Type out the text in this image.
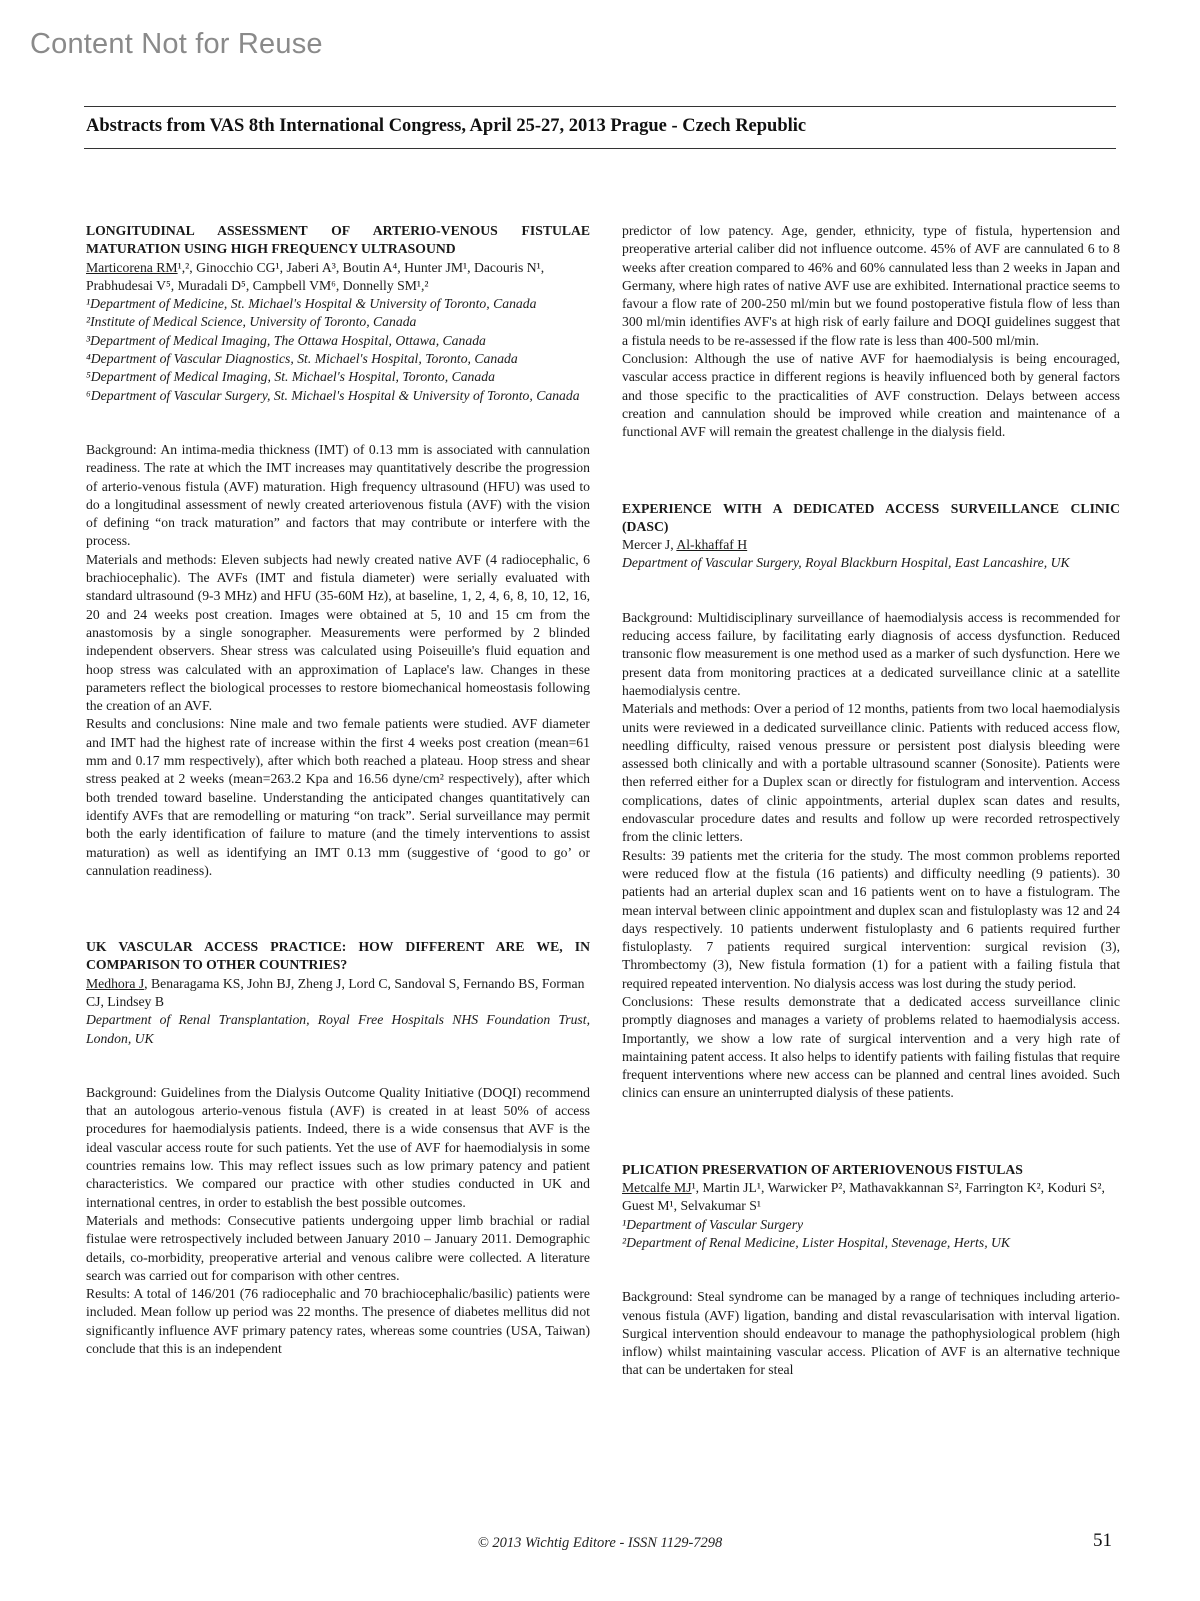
Content Not for Reuse
Abstracts from VAS 8th International Congress, April 25-27, 2013 Prague - Czech Republic

LONGITUDINAL ASSESSMENT OF ARTERIO-VENOUS FISTULAE MATURATION USING HIGH FREQUENCY ULTRASOUND

Marticorena RM¹,², Ginocchio CG¹, Jaberi A³, Boutin A⁴, Hunter JM¹, Dacouris N¹, Prabhudesai V⁵, Muradali D⁵, Campbell VM⁶, Donnelly SM¹,²

¹Department of Medicine, St. Michael's Hospital & University of Toronto, Canada

²Institute of Medical Science, University of Toronto, Canada

³Department of Medical Imaging, The Ottawa Hospital, Ottawa, Canada

⁴Department of Vascular Diagnostics, St. Michael's Hospital, Toronto, Canada

⁵Department of Medical Imaging, St. Michael's Hospital, Toronto, Canada

⁶Department of Vascular Surgery, St. Michael's Hospital & University of Toronto, Canada

Background: An intima-media thickness (IMT) of 0.13 mm is associated with cannulation readiness. The rate at which the IMT increases may quantitatively describe the progression of arterio-venous fistula (AVF) maturation. High frequency ultrasound (HFU) was used to do a longitudinal assessment of newly created arteriovenous fistula (AVF) with the vision of defining “on track maturation” and factors that may contribute or interfere with the process.

Materials and methods: Eleven subjects had newly created native AVF (4 radiocephalic, 6 brachiocephalic). The AVFs (IMT and fistula diameter) were serially evaluated with standard ultrasound (9-3 MHz) and HFU (35-60M Hz), at baseline, 1, 2, 4, 6, 8, 10, 12, 16, 20 and 24 weeks post creation. Images were obtained at 5, 10 and 15 cm from the anastomosis by a single sonographer. Measurements were performed by 2 blinded independent observers. Shear stress was calculated using Poiseuille's fluid equation and hoop stress was calculated with an approximation of Laplace's law. Changes in these parameters reflect the biological processes to restore biomechanical homeostasis following the creation of an AVF.

Results and conclusions: Nine male and two female patients were studied. AVF diameter and IMT had the highest rate of increase within the first 4 weeks post creation (mean=61 mm and 0.17 mm respectively), after which both reached a plateau. Hoop stress and shear stress peaked at 2 weeks (mean=263.2 Kpa and 16.56 dyne/cm² respectively), after which both trended toward baseline. Understanding the anticipated changes quantitatively can identify AVFs that are remodelling or maturing “on track”. Serial surveillance may permit both the early identification of failure to mature (and the timely interventions to assist maturation) as well as identifying an IMT 0.13 mm (suggestive of ‘good to go’ or cannulation readiness).

UK VASCULAR ACCESS PRACTICE: HOW DIFFERENT ARE WE, IN COMPARISON TO OTHER COUNTRIES?

Medhora J, Benaragama KS, John BJ, Zheng J, Lord C, Sandoval S, Fernando BS, Forman CJ, Lindsey B

Department of Renal Transplantation, Royal Free Hospitals NHS Foundation Trust, London, UK

Background: Guidelines from the Dialysis Outcome Quality Initiative (DOQI) recommend that an autologous arterio-venous fistula (AVF) is created in at least 50% of access procedures for haemodialysis patients. Indeed, there is a wide consensus that AVF is the ideal vascular access route for such patients. Yet the use of AVF for haemodialysis in some countries remains low. This may reflect issues such as low primary patency and patient characteristics. We compared our practice with other studies conducted in UK and international centres, in order to establish the best possible outcomes.

Materials and methods: Consecutive patients undergoing upper limb brachial or radial fistulae were retrospectively included between January 2010 – January 2011. Demographic details, co-morbidity, preoperative arterial and venous calibre were collected. A literature search was carried out for comparison with other centres.

Results: A total of 146/201 (76 radiocephalic and 70 brachiocephalic/basilic) patients were included. Mean follow up period was 22 months. The presence of diabetes mellitus did not significantly influence AVF primary patency rates, whereas some countries (USA, Taiwan) conclude that this is an independent

predictor of low patency. Age, gender, ethnicity, type of fistula, hypertension and preoperative arterial caliber did not influence outcome. 45% of AVF are cannulated 6 to 8 weeks after creation compared to 46% and 60% cannulated less than 2 weeks in Japan and Germany, where high rates of native AVF use are exhibited. International practice seems to favour a flow rate of 200-250 ml/min but we found postoperative fistula flow of less than 300 ml/min identifies AVF's at high risk of early failure and DOQI guidelines suggest that a fistula needs to be re-assessed if the flow rate is less than 400-500 ml/min.

Conclusion: Although the use of native AVF for haemodialysis is being encouraged, vascular access practice in different regions is heavily influenced both by general factors and those specific to the practicalities of AVF construction. Delays between access creation and cannulation should be improved while creation and maintenance of a functional AVF will remain the greatest challenge in the dialysis field.

EXPERIENCE WITH A DEDICATED ACCESS SURVEILLANCE CLINIC (DASC)

Mercer J, Al-khaffaf H

Department of Vascular Surgery, Royal Blackburn Hospital, East Lancashire, UK

Background: Multidisciplinary surveillance of haemodialysis access is recommended for reducing access failure, by facilitating early diagnosis of access dysfunction. Reduced transonic flow measurement is one method used as a marker of such dysfunction. Here we present data from monitoring practices at a dedicated surveillance clinic at a satellite haemodialysis centre.

Materials and methods: Over a period of 12 months, patients from two local haemodialysis units were reviewed in a dedicated surveillance clinic. Patients with reduced access flow, needling difficulty, raised venous pressure or persistent post dialysis bleeding were assessed both clinically and with a portable ultrasound scanner (Sonosite). Patients were then referred either for a Duplex scan or directly for fistulogram and intervention. Access complications, dates of clinic appointments, arterial duplex scan dates and results, endovascular procedure dates and results and follow up were recorded retrospectively from the clinic letters.

Results: 39 patients met the criteria for the study. The most common problems reported were reduced flow at the fistula (16 patients) and difficulty needling (9 patients). 30 patients had an arterial duplex scan and 16 patients went on to have a fistulogram. The mean interval between clinic appointment and duplex scan and fistuloplasty was 12 and 24 days respectively. 10 patients underwent fistuloplasty and 6 patients required further fistuloplasty. 7 patients required surgical intervention: surgical revision (3), Thrombectomy (3), New fistula formation (1) for a patient with a failing fistula that required repeated intervention. No dialysis access was lost during the study period.

Conclusions: These results demonstrate that a dedicated access surveillance clinic promptly diagnoses and manages a variety of problems related to haemodialysis access. Importantly, we show a low rate of surgical intervention and a very high rate of maintaining patent access. It also helps to identify patients with failing fistulas that require frequent interventions where new access can be planned and central lines avoided. Such clinics can ensure an uninterrupted dialysis of these patients.

PLICATION PRESERVATION OF ARTERIOVENOUS FISTULAS

Metcalfe MJ¹, Martin JL¹, Warwicker P², Mathavakkannan S², Farrington K², Koduri S², Guest M¹, Selvakumar S¹

¹Department of Vascular Surgery

²Department of Renal Medicine, Lister Hospital, Stevenage, Herts, UK

Background: Steal syndrome can be managed by a range of techniques including arterio-venous fistula (AVF) ligation, banding and distal revascularisation with interval ligation. Surgical intervention should endeavour to manage the pathophysiological problem (high inflow) whilst maintaining vascular access. Plication of AVF is an alternative technique that can be undertaken for steal

© 2013 Wichtig Editore - ISSN 1129-7298	51
